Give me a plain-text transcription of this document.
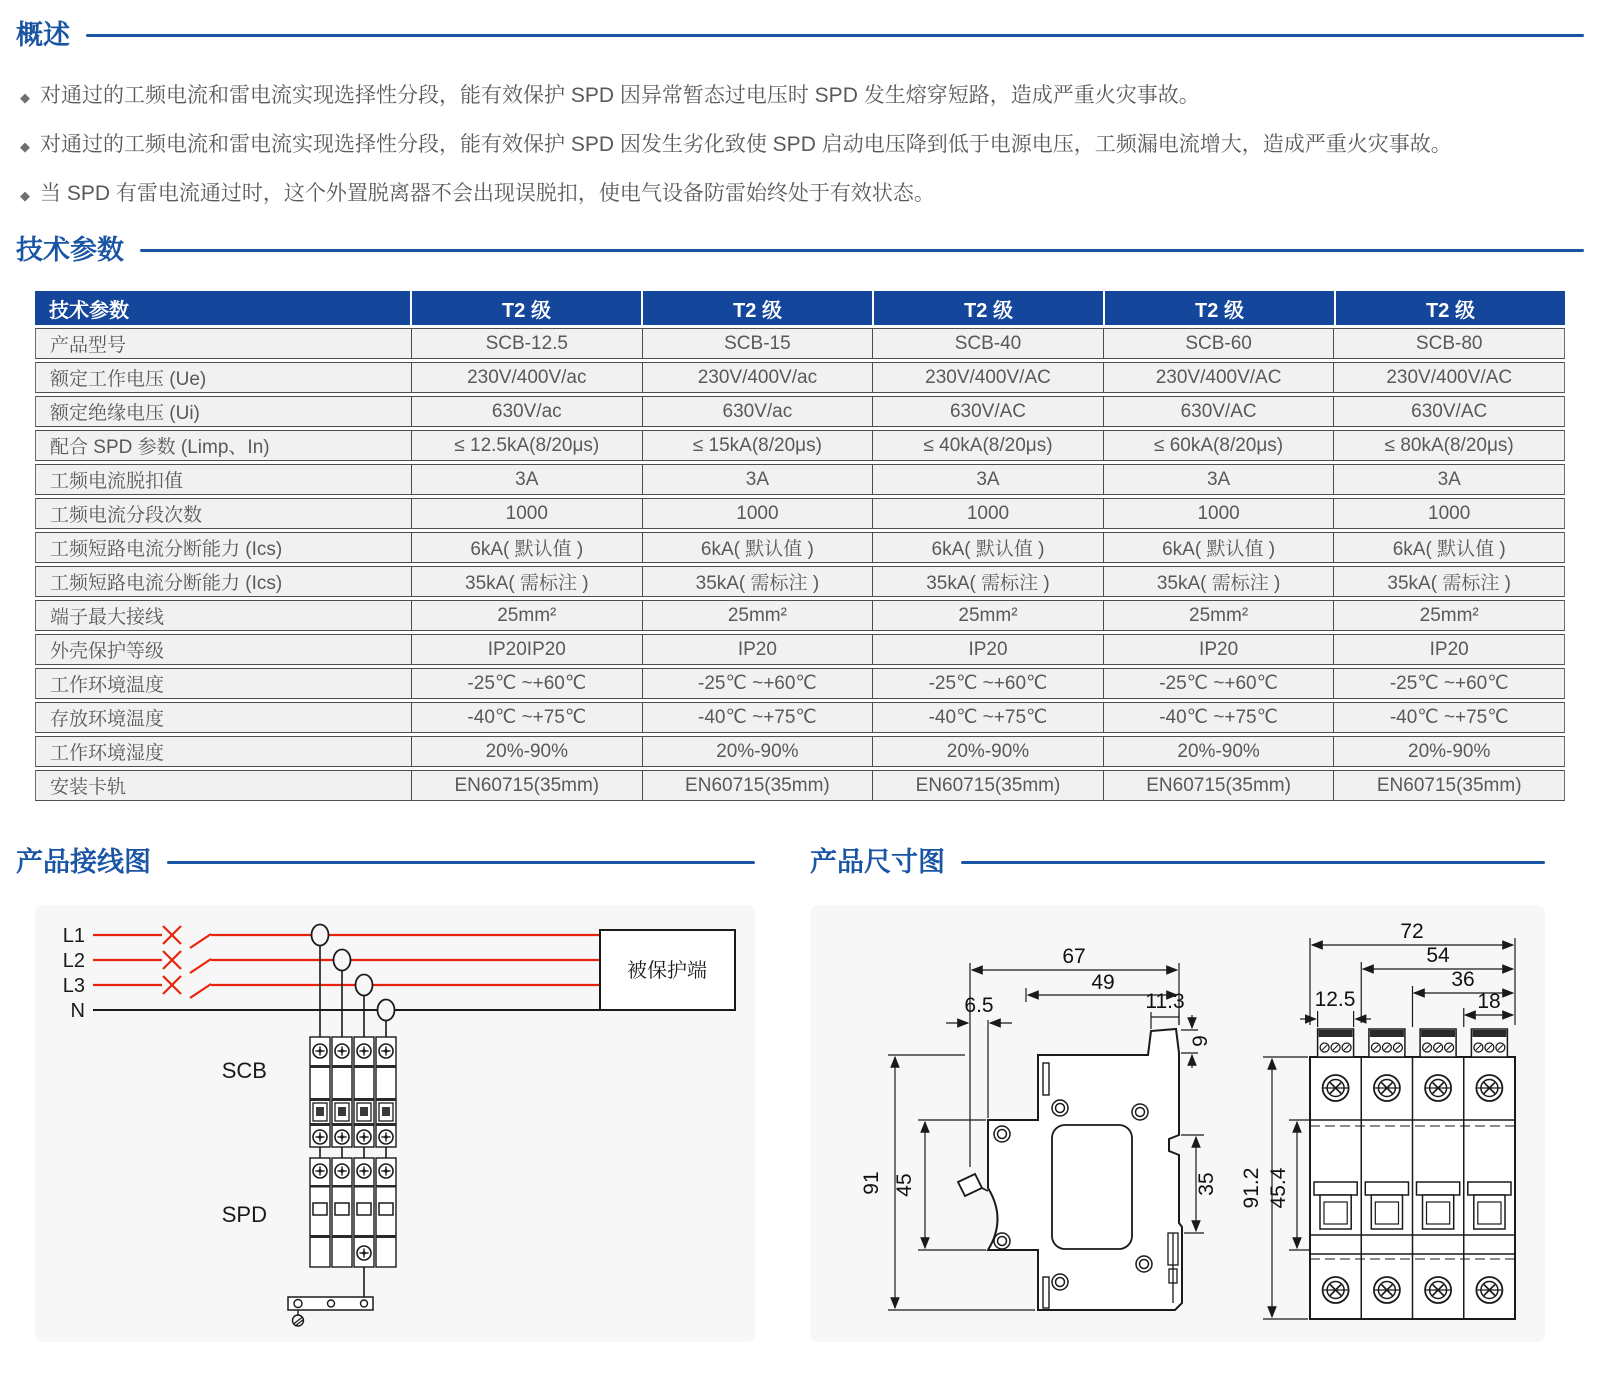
概述
◆ 对通过的工频电流和雷电流实现选择性分段，能有效保护 SPD 因异常暂态过电压时 SPD 发生熔穿短路，造成严重火灾事故。
◆ 对通过的工频电流和雷电流实现选择性分段，能有效保护 SPD 因发生劣化致使 SPD 启动电压降到低于电源电压，工频漏电流增大，造成严重火灾事故。
◆ 当 SPD 有雷电流通过时，这个外置脱离器不会出现误脱扣，使电气设备防雷始终处于有效状态。
技术参数
技术参数	T2 级	T2 级	T2 级	T2 级	T2 级
产品型号	SCB-12.5	SCB-15	SCB-40	SCB-60	SCB-80
额定工作电压 (Ue)	230V/400V/ac	230V/400V/ac	230V/400V/AC	230V/400V/AC	230V/400V/AC
额定绝缘电压 (Ui)	630V/ac	630V/ac	630V/AC	630V/AC	630V/AC
配合 SPD 参数 (Limp、In)	≤ 12.5kA(8/20μs)	≤ 15kA(8/20μs)	≤ 40kA(8/20μs)	≤ 60kA(8/20μs)	≤ 80kA(8/20μs)
工频电流脱扣值	3A	3A	3A	3A	3A
工频电流分段次数	1000	1000	1000	1000	1000
工频短路电流分断能力 (Ics)	6kA( 默认值 )	6kA( 默认值 )	6kA( 默认值 )	6kA( 默认值 )	6kA( 默认值 )
工频短路电流分断能力 (Ics)	35kA( 需标注 )	35kA( 需标注 )	35kA( 需标注 )	35kA( 需标注 )	35kA( 需标注 )
端子最大接线	25mm²	25mm²	25mm²	25mm²	25mm²
外壳保护等级	IP20IP20	IP20	IP20	IP20	IP20
工作环境温度	-25℃ ~+60℃	-25℃ ~+60℃	-25℃ ~+60℃	-25℃ ~+60℃	-25℃ ~+60℃
存放环境温度	-40℃ ~+75℃	-40℃ ~+75℃	-40℃ ~+75℃	-40℃ ~+75℃	-40℃ ~+75℃
工作环境湿度	20%-90%	20%-90%	20%-90%	20%-90%	20%-90%
安装卡轨	EN60715(35mm)	EN60715(35mm)	EN60715(35mm)	EN60715(35mm)	EN60715(35mm)
产品接线图
L1
L2
L3
N
被保护端
SCB
SPD
产品尺寸图
67
49
6.5	11.3
9
91 45	35
72
54
36
18
12.5
91.2 45.4
